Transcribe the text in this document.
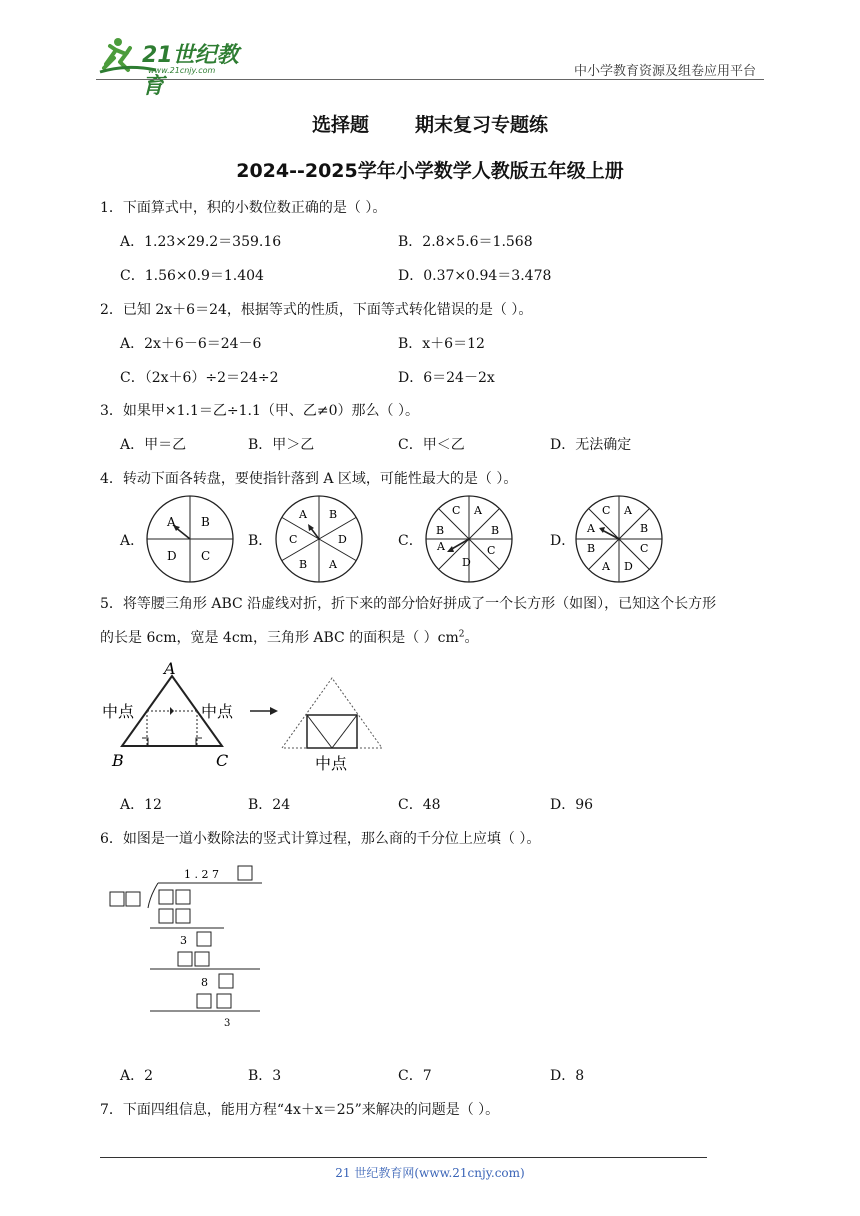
21世纪教育
www.21cnjy.com	中小学教育资源及组卷应用平台
选择题 期末复习专题练
2024--2025学年小学数学人教版五年级上册
1．下面算式中，积的小数位数正确的是（ ）。
A．1.23×29.2＝359.16	B．2.8×5.6＝1.568
C．1.56×0.9＝1.404	D．0.37×0.94＝3.478
2．已知 2x＋6＝24，根据等式的性质，下面等式转化错误的是（ ）。
A．2x＋6－6＝24－6	B．x＋6＝12
C．（2x＋6）÷2＝24÷2	D．6＝24－2x
3．如果甲×1.1＝乙÷1.1（甲、乙≠0）那么（ ）。
A．甲＝乙	B．甲＞乙	C．甲＜乙	D．无法确定
4．转动下面各转盘，要使指针落到 A 区域，可能性最大的是（ ）。
A．	B．	C．	D．
A B
C
D
A B
D
A
B
C
C A
B
C
D
A
B
C A
B
C
D
A
B
A
5．将等腰三角形 ABC 沿虚线对折，折下来的部分恰好拼成了一个长方形（如图），已知这个长方形
的长是 6cm，宽是 4cm，三角形 ABC 的面积是（ ）$cm^2$。
A
B	C
中点	中点
中点
A．12	B．24	C．48	D．96
6．如图是一道小数除法的竖式计算过程，那么商的千分位上应填（ ）。
1 . 2 7
3
8
3
A．2	B．3	C．7	D．8
7．下面四组信息，能用方程“4x＋x＝25”来解决的问题是（ ）。
21 世纪教育网(www.21cnjy.com)
